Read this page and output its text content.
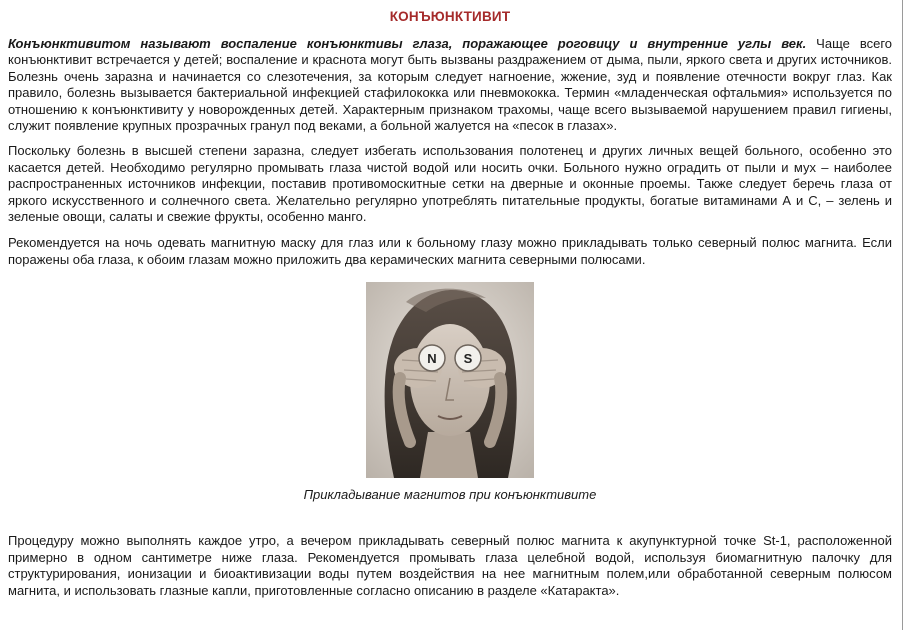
КОНЪЮНКТИВИТ

Конъюнктивитом называют воспаление конъюнктивы глаза, поражающее роговицу и внутренние углы век. Чаще всего конъюнктивит встречается у детей; воспаление и краснота могут быть вызваны раздражением от дыма, пыли, яркого света и других источников. Болезнь очень заразна и начинается со слезотечения, за которым следует нагноение, жжение, зуд и появление отечности вокруг глаз. Как правило, болезнь вызывается бактериальной инфекцией стафилококка или пневмококка. Термин «младенческая офтальмия» используется по отношению к конъюнктивиту у новорожденных детей. Характерным признаком трахомы, чаще всего вызываемой нарушением правил гигиены, служит появление крупных прозрачных гранул под веками, а больной жалуется на «песок в глазах».

Поскольку болезнь в высшей степени заразна, следует избегать использования полотенец и других личных вещей больного, особенно это касается детей. Необходимо регулярно промывать глаза чистой водой или носить очки. Больного нужно оградить от пыли и мух – наиболее распространенных источников инфекции, поставив противомоскитные сетки на дверные и оконные проемы. Также следует беречь глаза от яркого искусственного и солнечного света. Желательно регулярно употреблять питательные продукты, богатые витаминами А и С, – зелень и зеленые овощи, салаты и свежие фрукты, особенно манго.

Рекомендуется на ночь одевать магнитную маску для глаз или к больному глазу можно прикладывать только северный полюс магнита. Если поражены оба глаза, к обоим глазам можно приложить два керамических магнита северными полюсами.

N S
Прикладывание магнитов при конъюнктивите

Процедуру можно выполнять каждое утро, а вечером прикладывать северный полюс магнита к акупунктурной точке St-1, расположенной примерно в одном сантиметре ниже глаза. Рекомендуется промывать глаза целебной водой, используя биомагнитную палочку для структурирования, ионизации и биоактивизации воды путем воздействия на нее магнитным полем,или обработанной северным полюсом магнита, и использовать глазные капли, приготовленные согласно описанию в разделе «Катаракта».
